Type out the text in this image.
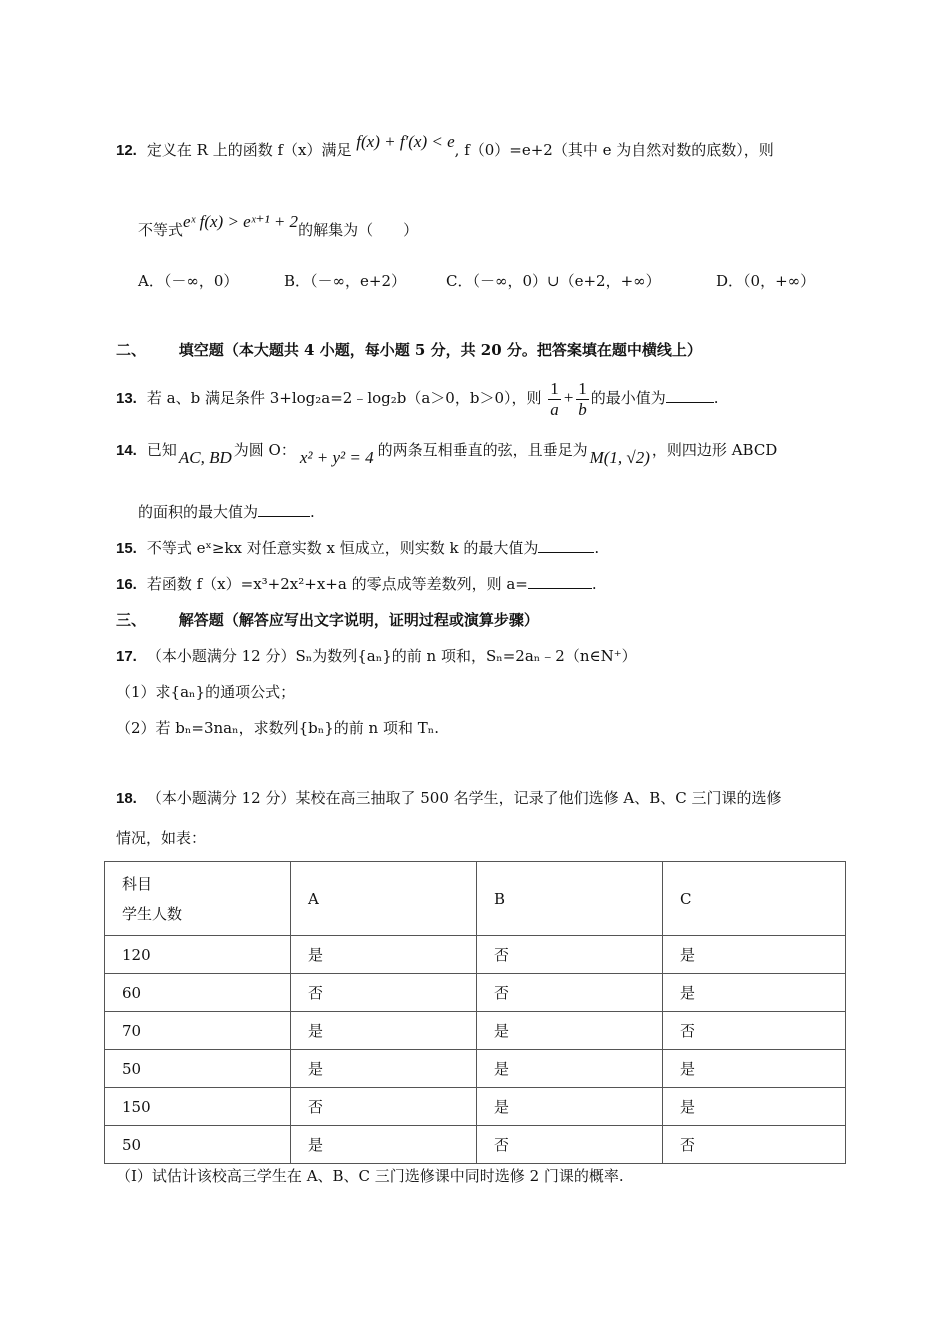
12. 定义在 R 上的函数 f（x）满足 f(x) + f′(x) < e, f（0）=e+2（其中 e 为自然对数的底数），则
不等式eˣ f(x) > eˣ⁺¹ + 2的解集为（　　）
A．（－∞，0）	B．（－∞，e+2）	C．（－∞，0）∪（e+2，+∞）	D．（0，+∞）
二、 填空题（本大题共 4 小题，每小题 5 分，共 20 分。把答案填在题中横线上）
13. 若 a、b 满足条件 3+log₂a=2﹣log₂b（a＞0，b＞0），则 $\frac{1}{a} + \frac{1}{b}$ 的最小值为	.
14. 已知 AC, BD 为圆 O： x² + y² = 4 的两条互相垂直的弦，且垂足为 M(1, √2) ，则四边形 ABCD
的面积的最大值为	.
15. 不等式 eˣ≥kx 对任意实数 x 恒成立，则实数 k 的最大值为	.
16. 若函数 f（x）=x³+2x²+x+a 的零点成等差数列，则 a=	.
三、 解答题（解答应写出文字说明，证明过程或演算步骤）
17. （本小题满分 12 分）Sₙ为数列{aₙ}的前 n 项和，Sₙ=2aₙ﹣2（n∈N⁺）
（1）求{aₙ}的通项公式；
（2）若 bₙ=3naₙ，求数列{bₙ}的前 n 项和 Tₙ.
18. （本小题满分 12 分）某校在高三抽取了 500 名学生，记录了他们选修 A、B、C 三门课的选修
情况，如表：
科目
学生人数	A	B	C
120	是	否	是
60	否	否	是
70	是	是	否
50	是	是	是
150	否	是	是
50	是	否	否
（Ⅰ）试估计该校高三学生在 A、B、C 三门选修课中同时选修 2 门课的概率.
